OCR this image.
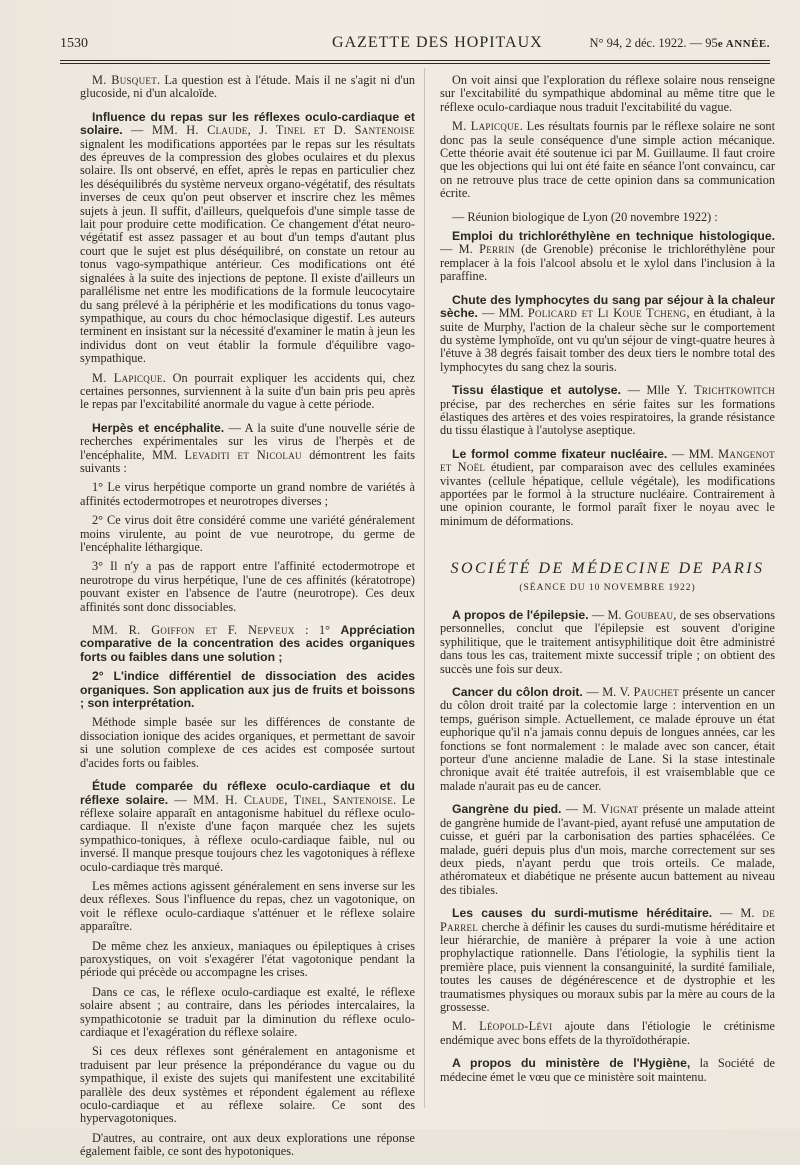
1530	GAZETTE DES HOPITAUX	N° 94, 2 déc. 1922. — 95e ANNÉE.

M. Busquet. La question est à l'étude. Mais il ne s'agit ni d'un glucoside, ni d'un alcaloïde.

Influence du repas sur les réflexes oculo-cardiaque et solaire. — MM. H. Claude, J. Tinel et D. Santenoise signalent les modifications apportées par le repas sur les résultats des épreuves de la compression des globes oculaires et du plexus solaire. Ils ont observé, en effet, après le repas en particulier chez les déséquilibrés du système nerveux organo-végétatif, des résultats inverses de ceux qu'on peut observer et inscrire chez les mêmes sujets à jeun. Il suffit, d'ailleurs, quelquefois d'une simple tasse de lait pour produire cette modification. Ce changement d'état neuro-végétatif est assez passager et au bout d'un temps d'autant plus court que le sujet est plus déséquilibré, on constate un retour au tonus vago-sympathique antérieur. Ces modifications ont été signalées à la suite des injections de peptone. Il existe d'ailleurs un parallélisme net entre les modifications de la formule leucocytaire du sang prélevé à la périphérie et les modifications du tonus vago-sympathique, au cours du choc hémoclasique digestif. Les auteurs terminent en insistant sur la nécessité d'examiner le matin à jeun les individus dont on veut établir la formule d'équilibre vago-sympathique.

M. Lapicque. On pourrait expliquer les accidents qui, chez certaines personnes, surviennent à la suite d'un bain pris peu après le repas par l'excitabilité anormale du vague à cette période.

Herpès et encéphalite. — A la suite d'une nouvelle série de recherches expérimentales sur les virus de l'herpès et de l'encéphalite, MM. Levaditi et Nicolau démontrent les faits suivants :

1° Le virus herpétique comporte un grand nombre de variétés à affinités ectodermotropes et neurotropes diverses ;

2° Ce virus doit être considéré comme une variété généralement moins virulente, au point de vue neurotrope, du germe de l'encéphalite léthargique.

3° Il n'y a pas de rapport entre l'affinité ectodermotrope et neurotrope du virus herpétique, l'une de ces affinités (kératotrope) pouvant exister en l'absence de l'autre (neurotrope). Ces deux affinités sont donc dissociables.

MM. R. Goiffon et F. Nepveux : 1° Appréciation comparative de la concentration des acides organiques forts ou faibles dans une solution ;

2° L'indice différentiel de dissociation des acides organiques. Son application aux jus de fruits et boissons ; son interprétation.

Méthode simple basée sur les différences de constante de dissociation ionique des acides organiques, et permettant de savoir si une solution complexe de ces acides est composée surtout d'acides forts ou faibles.

Étude comparée du réflexe oculo-cardiaque et du réflexe solaire. — MM. H. Claude, Tinel, Santenoise. Le réflexe solaire apparaît en antagonisme habituel du réflexe oculo-cardiaque. Il n'existe d'une façon marquée chez les sujets sympathico-toniques, à réflexe oculo-cardiaque faible, nul ou inversé. Il manque presque toujours chez les vagotoniques à réflexe oculo-cardiaque très marqué.

Les mêmes actions agissent généralement en sens inverse sur les deux réflexes. Sous l'influence du repas, chez un vagotonique, on voit le réflexe oculo-cardiaque s'atténuer et le réflexe solaire apparaître.

De même chez les anxieux, maniaques ou épileptiques à crises paroxystiques, on voit s'exagérer l'état vagotonique pendant la période qui précède ou accompagne les crises.

Dans ce cas, le réflexe oculo-cardiaque est exalté, le réflexe solaire absent ; au contraire, dans les périodes intercalaires, la sympathicotonie se traduit par la diminution du réflexe oculo-cardiaque et l'exagération du réflexe solaire.

Si ces deux réflexes sont généralement en antagonisme et traduisent par leur présence la prépondérance du vague ou du sympathique, il existe des sujets qui manifestent une excitabilité parallèle des deux systèmes et répondent également au réflexe oculo-cardiaque et au réflexe solaire. Ce sont des hypervagotoniques.

D'autres, au contraire, ont aux deux explorations une réponse également faible, ce sont des hypotoniques.

On voit ainsi que l'exploration du réflexe solaire nous renseigne sur l'excitabilité du sympathique abdominal au même titre que le réflexe oculo-cardiaque nous traduit l'excitabilité du vague.

M. Lapicque. Les résultats fournis par le réflexe solaire ne sont donc pas la seule conséquence d'une simple action mécanique. Cette théorie avait été soutenue ici par M. Guillaume. Il faut croire que les objections qui lui ont été faite en séance l'ont convaincu, car on ne retrouve plus trace de cette opinion dans sa communication écrite.

— Réunion biologique de Lyon (20 novembre 1922) :

Emploi du trichloréthylène en technique histologique. — M. Perrin (de Grenoble) préconise le trichloréthylène pour remplacer à la fois l'alcool absolu et le xylol dans l'inclusion à la paraffine.

Chute des lymphocytes du sang par séjour à la chaleur sèche. — MM. Policard et Li Koue Tcheng, en étudiant, à la suite de Murphy, l'action de la chaleur sèche sur le comportement du système lymphoïde, ont vu qu'un séjour de vingt-quatre heures à l'étuve à 38 degrés faisait tomber des deux tiers le nombre total des lymphocytes du sang chez la souris.

Tissu élastique et autolyse. — Mlle Y. Trichtkowitch précise, par des recherches en série faites sur les formations élastiques des artères et des voies respiratoires, la grande résistance du tissu élastique à l'autolyse aseptique.

Le formol comme fixateur nucléaire. — MM. Mangenot et Noël étudient, par comparaison avec des cellules examinées vivantes (cellule hépatique, cellule végétale), les modifications apportées par le formol à la structure nucléaire. Contrairement à une opinion courante, le formol paraît fixer le noyau avec le minimum de déformations.

SOCIÉTÉ DE MÉDECINE DE PARIS

(SÉANCE DU 10 NOVEMBRE 1922)

A propos de l'épilepsie. — M. Goubeau, de ses observations personnelles, conclut que l'épilepsie est souvent d'origine syphilitique, que le traitement antisyphilitique doit être administré dans tous les cas, traitement mixte successif triple ; on obtient des succès une fois sur deux.

Cancer du côlon droit. — M. V. Pauchet présente un cancer du côlon droit traité par la colectomie large : intervention en un temps, guérison simple. Actuellement, ce malade éprouve un état euphorique qu'il n'a jamais connu depuis de longues années, car les fonctions se font normalement : le malade avec son cancer, était porteur d'une ancienne maladie de Lane. Si la stase intestinale chronique avait été traitée autrefois, il est vraisemblable que ce malade n'aurait pas eu de cancer.

Gangrène du pied. — M. Vignat présente un malade atteint de gangrène humide de l'avant-pied, ayant refusé une amputation de cuisse, et guéri par la carbonisation des parties sphacélées. Ce malade, guéri depuis plus d'un mois, marche correctement sur ses deux pieds, n'ayant perdu que trois orteils. Ce malade, athéromateux et diabétique ne présente aucun battement au niveau des tibiales.

Les causes du surdi-mutisme héréditaire. — M. de Parrel cherche à définir les causes du surdi-mutisme héréditaire et leur hiérarchie, de manière à préparer la voie à une action prophylactique rationnelle. Dans l'étiologie, la syphilis tient la première place, puis viennent la consanguinité, la surdité familiale, toutes les causes de dégénérescence et de dystrophie et les traumatismes physiques ou moraux subis par la mère au cours de la grossesse.

M. Léopold-Lévi ajoute dans l'étiologie le crétinisme endémique avec bons effets de la thyroïdothérapie.

A propos du ministère de l'Hygiène, la Société de médecine émet le vœu que ce ministère soit maintenu.
